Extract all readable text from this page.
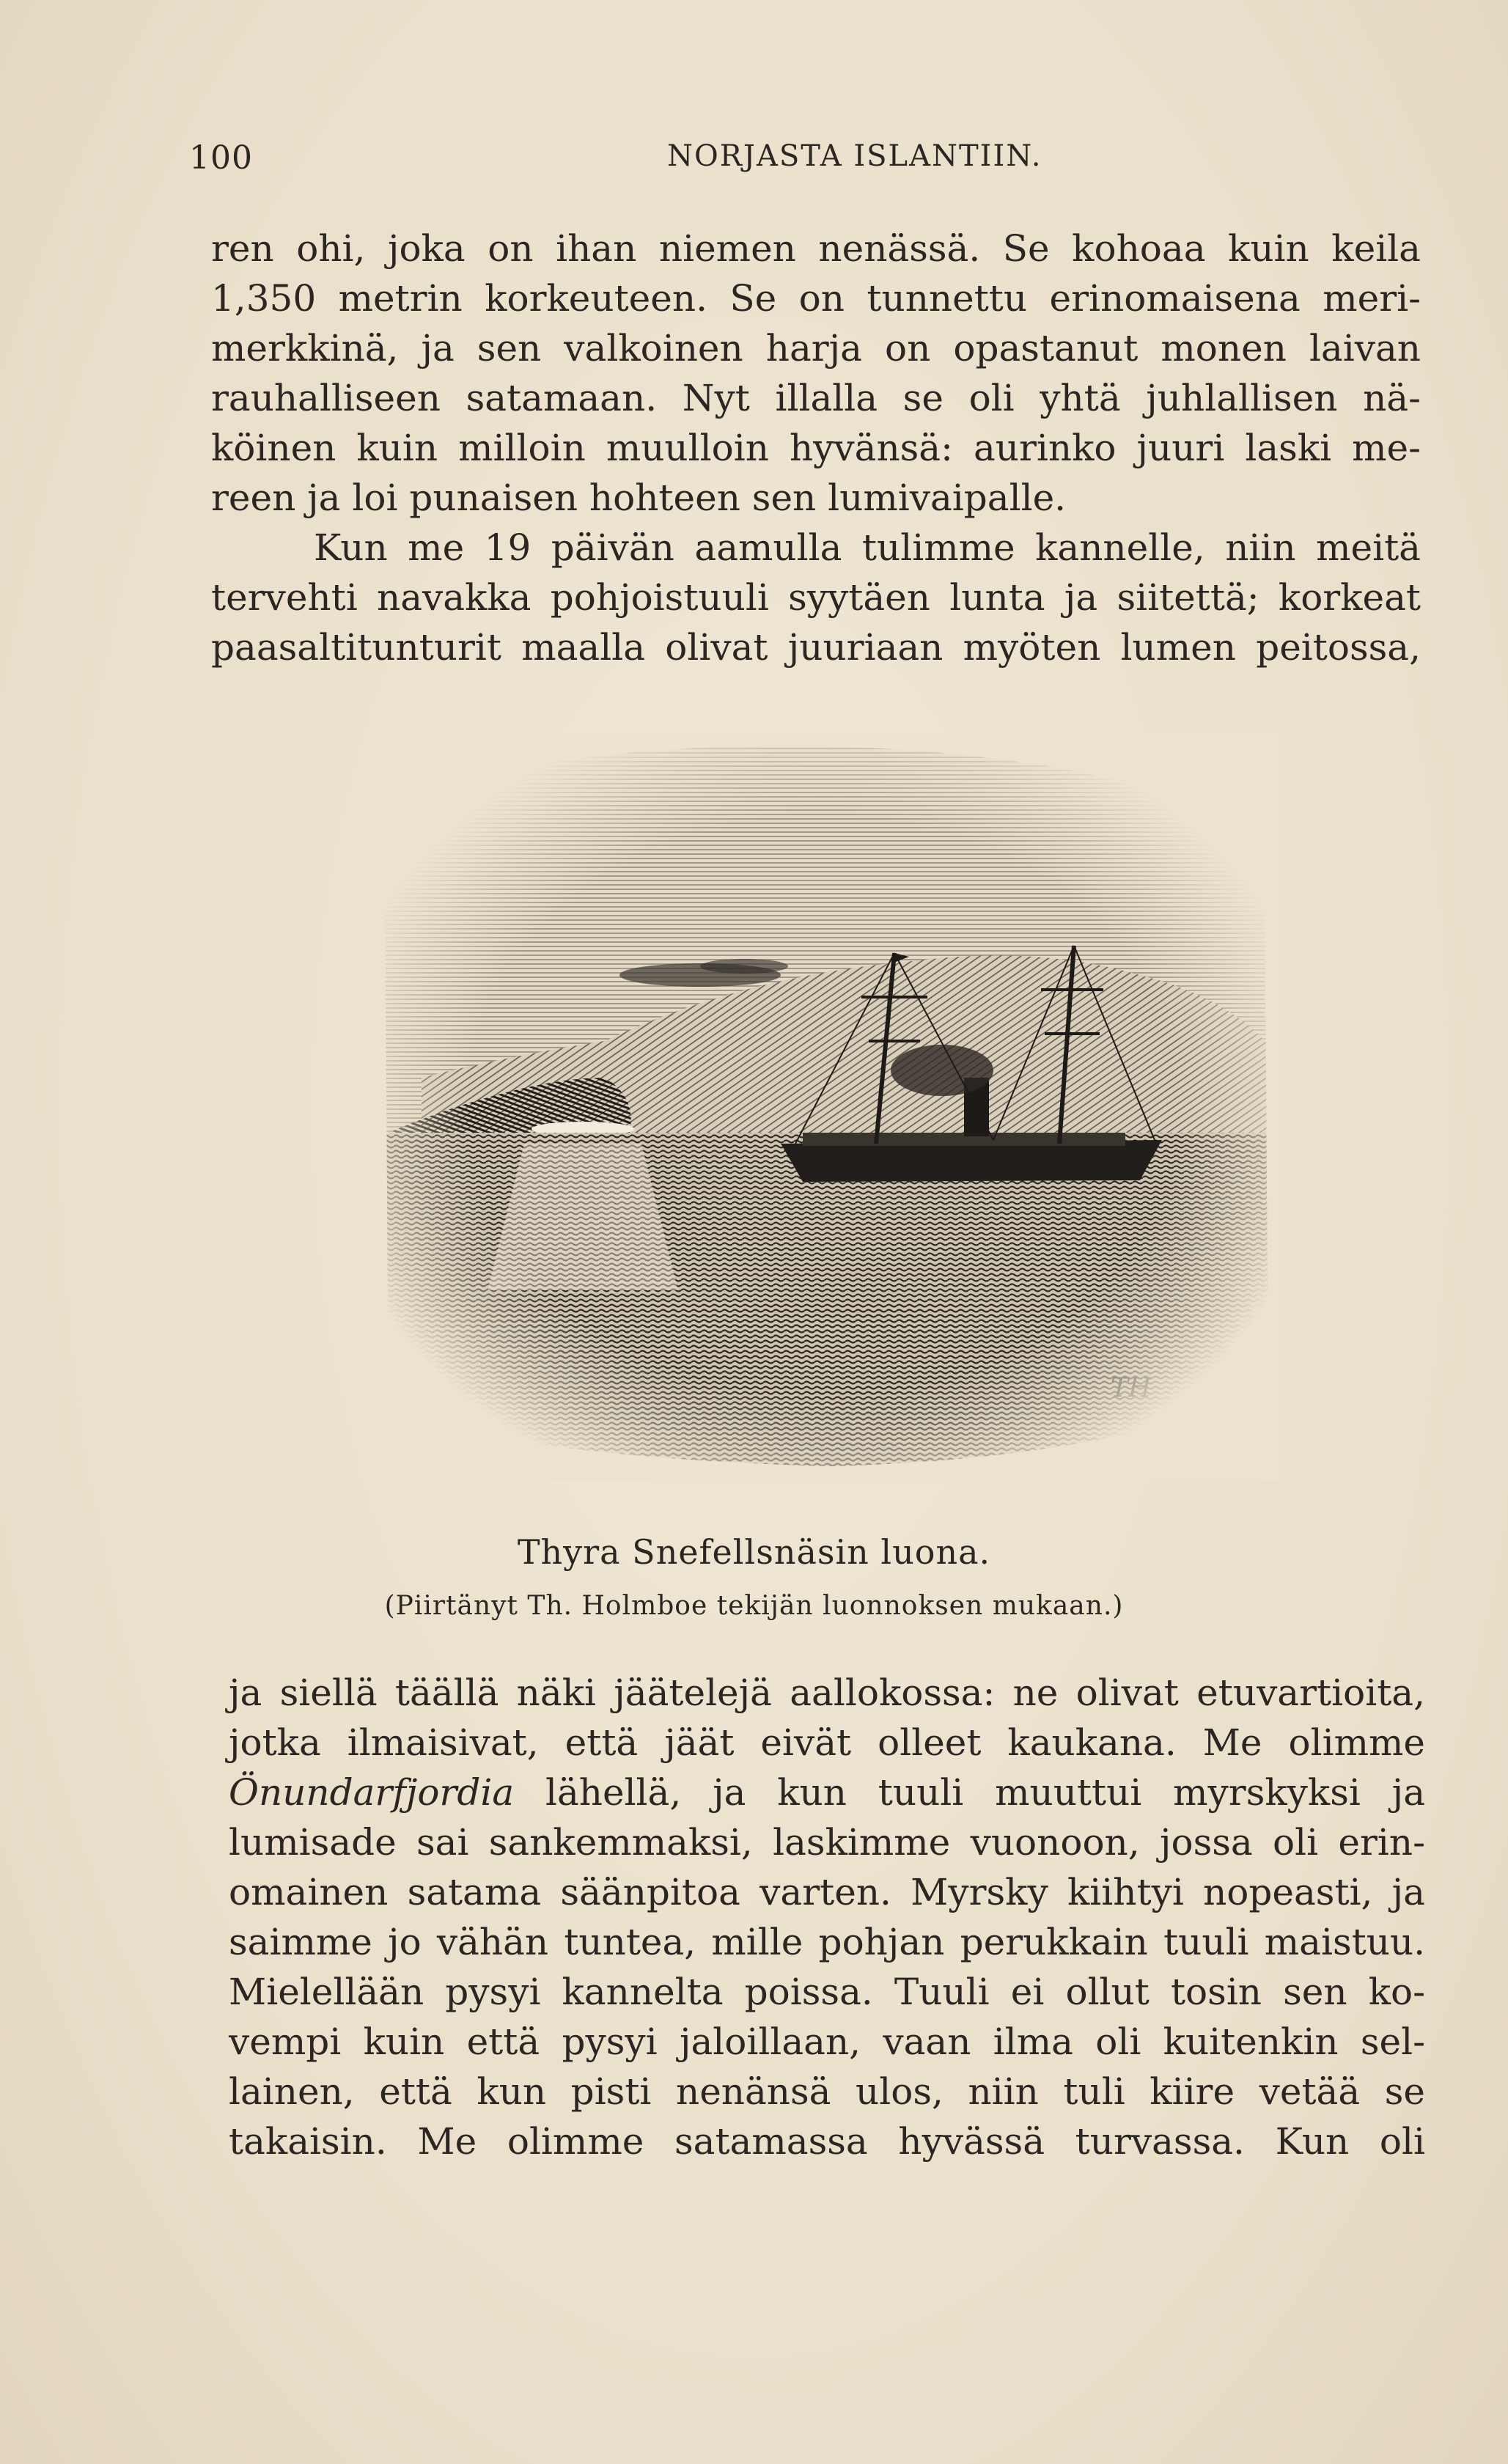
100	NORJASTA ISLANTIIN.
ren ohi, joka on ihan niemen nenässä. Se kohoaa kuin keila
1,350 metrin korkeuteen. Se on tunnettu erinomaisena meri-
merkkinä, ja sen valkoinen harja on opastanut monen laivan
rauhalliseen satamaan. Nyt illalla se oli yhtä juhlallisen nä-
köinen kuin milloin muulloin hyvänsä: aurinko juuri laski me-
reen ja loi punaisen hohteen sen lumivaipalle.
Kun me 19 päivän aamulla tulimme kannelle, niin meitä
tervehti navakka pohjoistuuli syytäen lunta ja siitettä; korkeat
paasaltitunturit maalla olivat juuriaan myöten lumen peitossa,
Thyra Snefellsnäsin luona.
(Piirtänyt Th. Holmboe tekijän luonnoksen mukaan.)
ja siellä täällä näki jäätelejä aallokossa: ne olivat etuvartioita,
jotka ilmaisivat, että jäät eivät olleet kaukana. Me olimme
Önundarfjordia lähellä, ja kun tuuli muuttui myrskyksi ja
lumisade sai sankemmaksi, laskimme vuonoon, jossa oli erin-
omainen satama säänpitoa varten. Myrsky kiihtyi nopeasti, ja
saimme jo vähän tuntea, mille pohjan perukkain tuuli maistuu.
Mielellään pysyi kannelta poissa. Tuuli ei ollut tosin sen ko-
vempi kuin että pysyi jaloillaan, vaan ilma oli kuitenkin sel-
lainen, että kun pisti nenänsä ulos, niin tuli kiire vetää se
takaisin. Me olimme satamassa hyvässä turvassa. Kun oli
